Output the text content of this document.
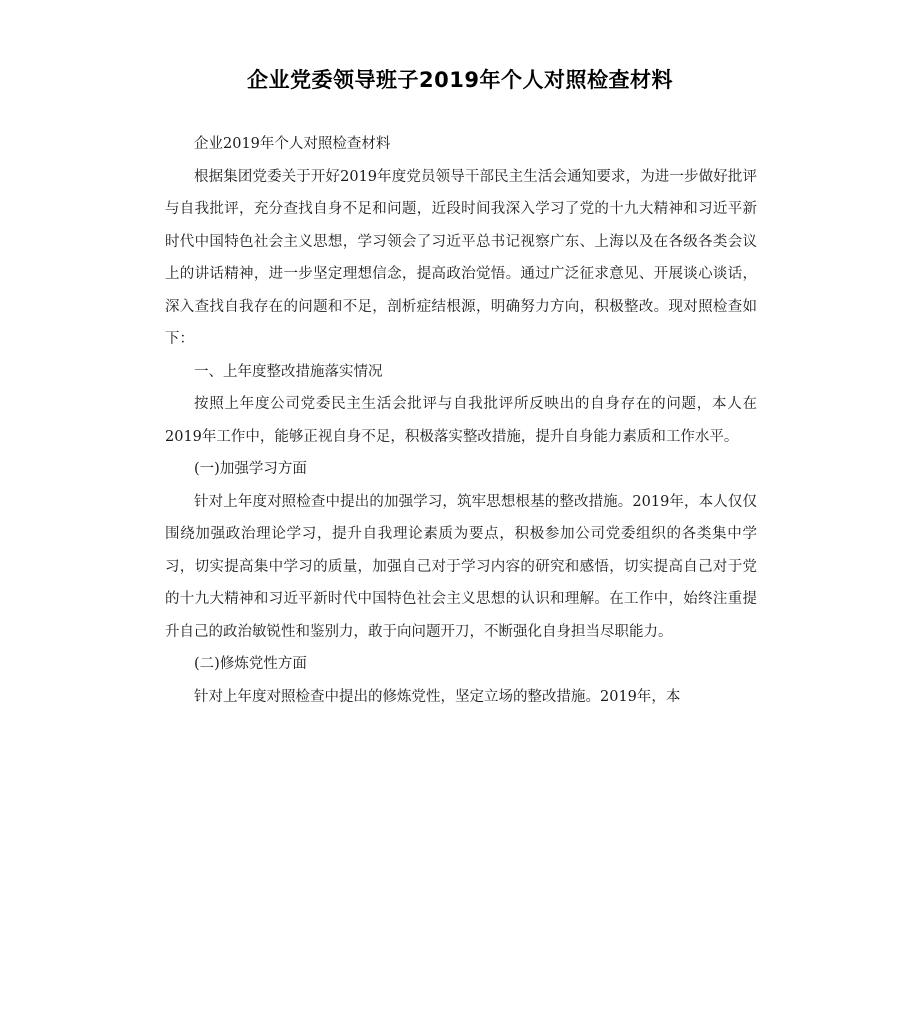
企业党委领导班子2019年个人对照检查材料

企业2019年个人对照检查材料

根据集团党委关于开好2019年度党员领导干部民主生活会通知要求，为进一步做好批评与自我批评，充分查找自身不足和问题，近段时间我深入学习了党的十九大精神和习近平新时代中国特色社会主义思想，学习领会了习近平总书记视察广东、上海以及在各级各类会议上的讲话精神，进一步坚定理想信念，提高政治觉悟。通过广泛征求意见、开展谈心谈话，深入查找自我存在的问题和不足，剖析症结根源，明确努力方向，积极整改。现对照检查如下：

一、上年度整改措施落实情况

按照上年度公司党委民主生活会批评与自我批评所反映出的自身存在的问题，本人在2019年工作中，能够正视自身不足，积极落实整改措施，提升自身能力素质和工作水平。

(一)加强学习方面

针对上年度对照检查中提出的加强学习，筑牢思想根基的整改措施。2019年，本人仅仅围绕加强政治理论学习，提升自我理论素质为要点，积极参加公司党委组织的各类集中学习，切实提高集中学习的质量，加强自己对于学习内容的研究和感悟，切实提高自己对于党的十九大精神和习近平新时代中国特色社会主义思想的认识和理解。在工作中，始终注重提升自己的政治敏锐性和鉴别力，敢于向问题开刀，不断强化自身担当尽职能力。

(二)修炼党性方面

针对上年度对照检查中提出的修炼党性，坚定立场的整改措施。2019年，本
